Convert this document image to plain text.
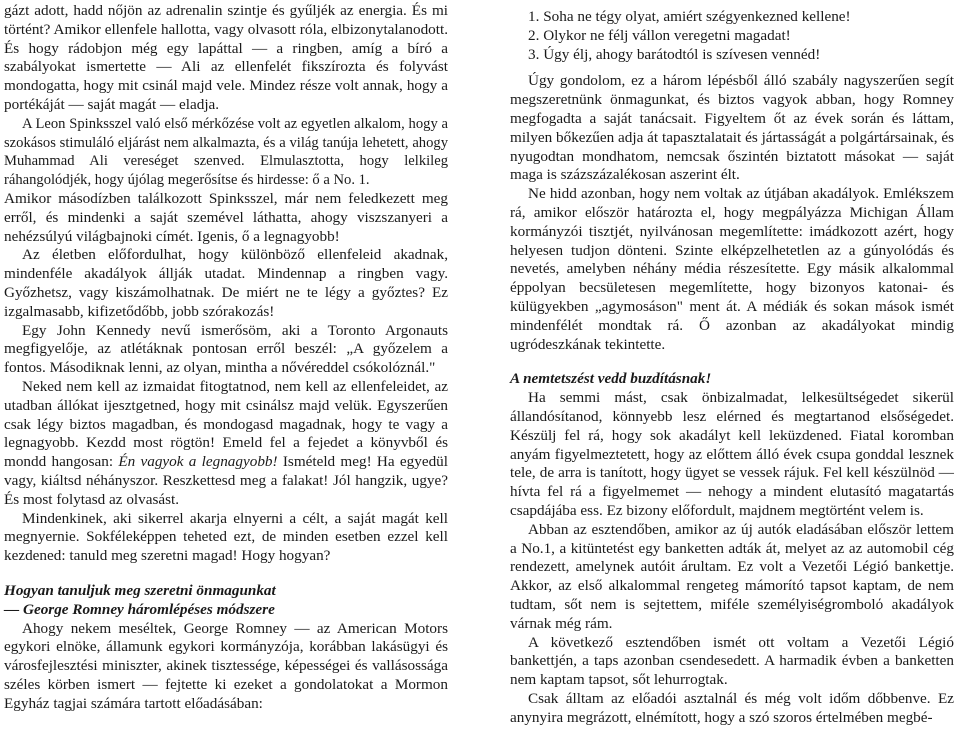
gázt adott, hadd nőjön az adrenalin szintje és gyűljék az energia. És mi történt? Amikor ellenfele hallotta, vagy olvasott róla, elbizonytalanodott. És hogy rádobjon még egy lapáttal — a ringben, amíg a bíró a szabályokat ismertette — Ali az ellenfelét fikszírozta és folyvást mondogatta, hogy mit csinál majd vele. Mindez része volt annak, hogy a portékáját — saját magát — eladja.

A Leon Spinksszel való első mérkőzése volt az egyetlen alkalom, hogy a szokásos stimuláló eljárást nem alkalmazta, és a világ tanúja lehetett, ahogy Muhammad Ali vereséget szenved. Elmulasztotta, hogy lelkileg ráhangolódjék, hogy újólag megerősítse és hirdesse: ő a No. 1.

Amikor másodízben találkozott Spinksszel, már nem feledkezett meg erről, és mindenki a saját szemével láthatta, ahogy viszszanyeri a nehézsúlyú világbajnoki címét. Igenis, ő a legnagyobb!

Az életben előfordulhat, hogy különböző ellenfeleid akadnak, mindenféle akadályok állják utadat. Mindennap a ringben vagy. Győzhetsz, vagy kiszámolhatnak. De miért ne te légy a győztes? Ez izgalmasabb, kifizetődőbb, jobb szórakozás!

Egy John Kennedy nevű ismerősöm, aki a Toronto Argonauts megfigyelője, az atlétáknak pontosan erről beszél: „A győzelem a fontos. Másodiknak lenni, az olyan, mintha a nővéreddel csókolóznál."

Neked nem kell az izmaidat fitogtatnod, nem kell az ellenfeleidet, az utadban állókat ijesztgetned, hogy mit csinálsz majd velük. Egyszerűen csak légy biztos magadban, és mondogasd magadnak, hogy te vagy a legnagyobb. Kezdd most rögtön! Emeld fel a fejedet a könyvből és mondd hangosan: Én vagyok a legnagyobb! Ismételd meg! Ha egyedül vagy, kiáltsd néhányszor. Reszkettesd meg a falakat! Jól hangzik, ugye? És most folytasd az olvasást.

Mindenkinek, aki sikerrel akarja elnyerni a célt, a saját magát kell megnyernie. Sokféleképpen teheted ezt, de minden esetben ezzel kell kezdened: tanuld meg szeretni magad! Hogy hogyan?

Hogyan tanuljuk meg szeretni önmagunkat
— George Romney háromlépéses módszere

Ahogy nekem meséltek, George Romney — az American Motors egykori elnöke, államunk egykori kormányzója, korábban lakásügyi és városfejlesztési miniszter, akinek tisztessége, képességei és vallásossága széles körben ismert — fejtette ki ezeket a gondolatokat a Mormon Egyház tagjai számára tartott előadásában:

1. Soha ne tégy olyat, amiért szégyenkezned kellene!
2. Olykor ne félj vállon veregetni magadat!
3. Úgy élj, ahogy barátodtól is szívesen vennéd!

Úgy gondolom, ez a három lépésből álló szabály nagyszerűen segít megszeretnünk önmagunkat, és biztos vagyok abban, hogy Romney megfogadta a saját tanácsait. Figyeltem őt az évek során és láttam, milyen bőkezűen adja át tapasztalatait és jártasságát a polgártársainak, és nyugodtan mondhatom, nemcsak őszintén biztatott másokat — saját maga is százszázalékosan aszerint élt.

Ne hidd azonban, hogy nem voltak az útjában akadályok. Emlékszem rá, amikor először határozta el, hogy megpályázza Michigan Állam kormányzói tisztjét, nyilvánosan megemlítette: imádkozott azért, hogy helyesen tudjon dönteni. Szinte elképzelhetetlen az a gúnyolódás és nevetés, amelyben néhány média részesítette. Egy másik alkalommal éppolyan becsületesen megemlítette, hogy bizonyos katonai- és külügyekben „agymosáson" ment át. A médiák és sokan mások ismét mindenfélét mondtak rá. Ő azonban az akadályokat mindig ugródeszkának tekintette.

A nemtetszést vedd buzdításnak!

Ha semmi mást, csak önbizalmadat, lelkesültségedet sikerül állandósítanod, könnyebb lesz elérned és megtartanod elsőségedet. Készülj fel rá, hogy sok akadályt kell leküzdened. Fiatal koromban anyám figyelmeztetett, hogy az előttem álló évek csupa gonddal lesznek tele, de arra is tanított, hogy ügyet se vessek rájuk. Fel kell készülnöd — hívta fel rá a figyelmemet — nehogy a mindent elutasító magatartás csapdájába ess. Ez bizony előfordult, majdnem megtörtént velem is.

Abban az esztendőben, amikor az új autók eladásában először lettem a No.1, a kitüntetést egy banketten adták át, melyet az az automobil cég rendezett, amelynek autóit árultam. Ez volt a Vezetői Légió bankettje. Akkor, az első alkalommal rengeteg mámorító tapsot kaptam, de nem tudtam, sőt nem is sejtettem, miféle személyiségrombolό akadályok várnak még rám.

A következő esztendőben ismét ott voltam a Vezetői Légió bankettjén, a taps azonban csendesedett. A harmadik évben a banketten nem kaptam tapsot, sőt lehurrogtak.

Csak álltam az előadói asztalnál és még volt időm dőbbenve. Ez anynyira megrázott, elnémított, hogy a szó szoros értelmében megbé-
